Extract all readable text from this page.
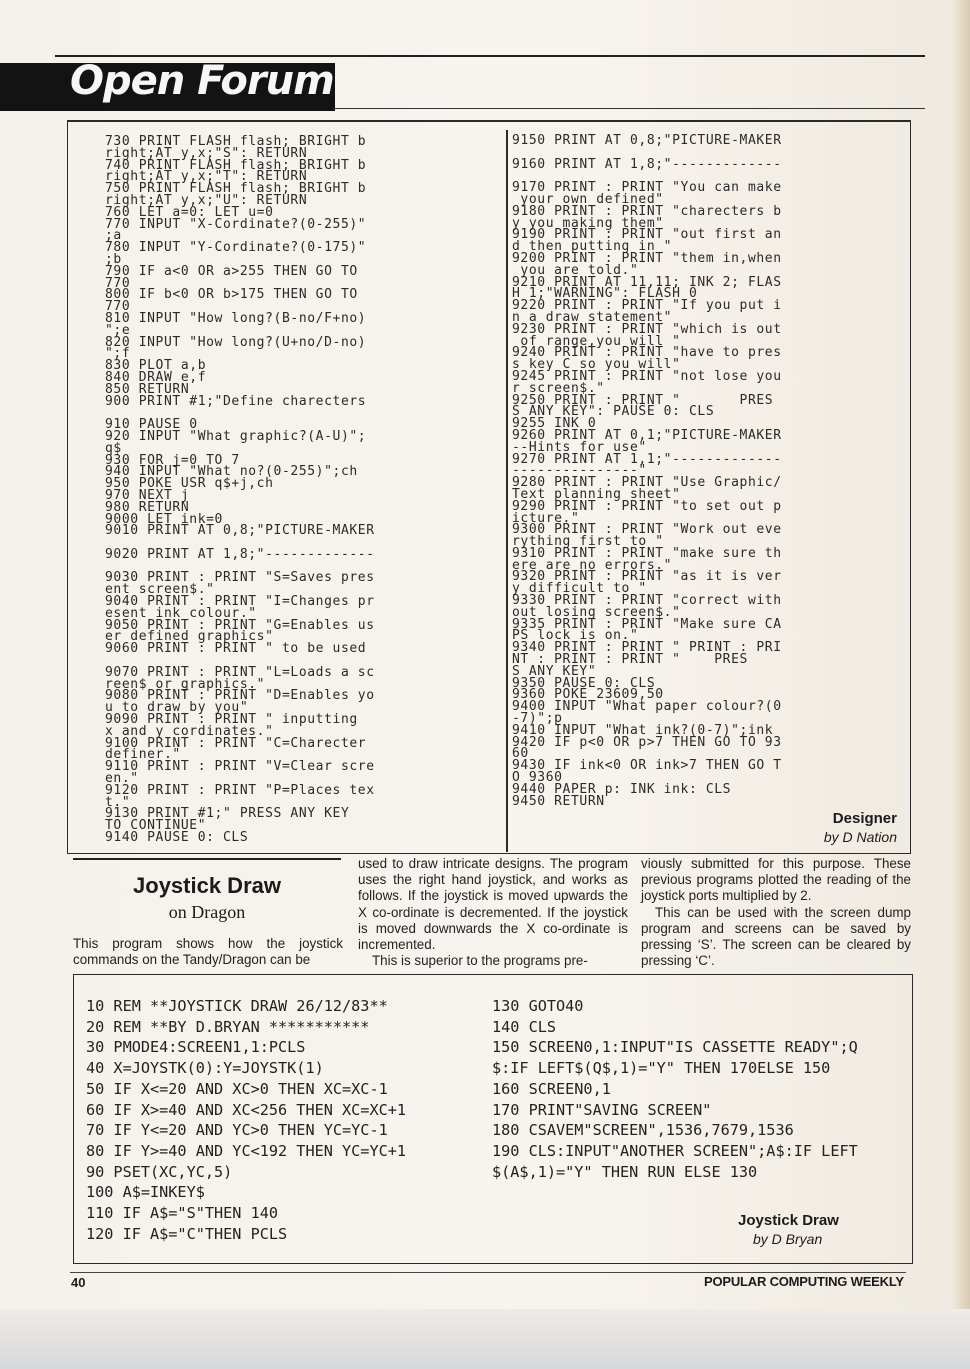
Open Forum
730 PRINT FLASH flash; BRIGHT b
right;AT y,x;"S": RETURN
740 PRINT FLASH flash; BRIGHT b
right;AT y,x;"T": RETURN
750 PRINT FLASH flash; BRIGHT b
right;AT y,x;"U": RETURN
760 LET a=0: LET u=0
770 INPUT "X-Cordinate?(0-255)"
;a
780 INPUT "Y-Cordinate?(0-175)"
;b
790 IF a<0 OR a>255 THEN GO TO
770
800 IF b<0 OR b>175 THEN GO TO
770
810 INPUT "How long?(B-no/F+no)
";e
820 INPUT "How long?(U+no/D-no)
";f
830 PLOT a,b
840 DRAW e,f
850 RETURN
900 PRINT #1;"Define charecters

910 PAUSE 0
920 INPUT "What graphic?(A-U)";
q$
930 FOR j=0 TO 7
940 INPUT "What no?(0-255)";ch
950 POKE USR q$+j,ch
970 NEXT j
980 RETURN
9000 LET ink=0
9010 PRINT AT 0,8;"PICTURE-MAKER

9020 PRINT AT 1,8;"-------------

9030 PRINT : PRINT "S=Saves pres
ent screen$."
9040 PRINT : PRINT "I=Changes pr
esent ink colour."
9050 PRINT : PRINT "G=Enables us
er defined graphics"
9060 PRINT : PRINT " to be used

9070 PRINT : PRINT "L=Loads a sc
reen$ or graphics."
9080 PRINT : PRINT "D=Enables yo
u to draw by you"
9090 PRINT : PRINT " inputting
x and y cordinates."
9100 PRINT : PRINT "C=Charecter
definer."
9110 PRINT : PRINT "V=Clear scre
en."
9120 PRINT : PRINT "P=Places tex
t."
9130 PRINT #1;" PRESS ANY KEY
TO CONTINUE"
9140 PAUSE 0: CLS
9150 PRINT AT 0,8;"PICTURE-MAKER

9160 PRINT AT 1,8;"-------------

9170 PRINT : PRINT "You can make
your own defined"
9180 PRINT : PRINT "charecters b
y you making them"
9190 PRINT : PRINT "out first an
d then putting in "
9200 PRINT : PRINT "them in,when
you are told."
9210 PRINT AT 11,11; INK 2; FLAS
H 1;"WARNING": FLASH 0
9220 PRINT : PRINT "If you put i
n a draw statement"
9230 PRINT : PRINT "which is out
of range,you will "
9240 PRINT : PRINT "have to pres
s key C so you will"
9245 PRINT : PRINT "not lose you
r screen$."
9250 PRINT : PRINT "       PRES
S ANY KEY": PAUSE 0: CLS
9255 INK 0
9260 PRINT AT 0,1;"PICTURE-MAKER
--Hints for use"
9270 PRINT AT 1,1;"-------------
---------------"
9280 PRINT : PRINT "Use Graphic/
Text planning sheet"
9290 PRINT : PRINT "to set out p
icture."
9300 PRINT : PRINT "Work out eve
rything first to "
9310 PRINT : PRINT "make sure th
ere are no errors."
9320 PRINT : PRINT "as it is ver
y difficult to "
9330 PRINT : PRINT "correct with
out losing screen$."
9335 PRINT : PRINT "Make sure CA
PS lock is on."
9340 PRINT : PRINT " PRINT : PRI
NT : PRINT : PRINT "    PRES
S ANY KEY"
9350 PAUSE 0: CLS
9360 POKE 23609,50
9400 INPUT "What paper colour?(0
-7)";p
9410 INPUT "What ink?(0-7)";ink
9420 IF p<0 OR p>7 THEN GO TO 93
60
9430 IF ink<0 OR ink>7 THEN GO T
O 9360
9440 PAPER p: INK ink: CLS
9450 RETURN
Designer
by D Nation
Joystick Draw
on Dragon
This program shows how the joystick commands on the Tandy/Dragon can be
used to draw intricate designs. The program uses the right hand joystick, and works as follows. If the joystick is moved upwards the X co-ordinate is decremented. If the joystick is moved downwards the X co-ordinate is incremented.
This is superior to the programs pre-
viously submitted for this purpose. These previous programs plotted the reading of the joystick ports multiplied by 2.
This can be used with the screen dump program and screens can be saved by pressing ‘S’. The screen can be cleared by pressing ‘C’.
10 REM **JOYSTICK DRAW 26/12/83**
20 REM **BY D.BRYAN ***********
30 PMODE4:SCREEN1,1:PCLS
40 X=JOYSTK(0):Y=JOYSTK(1)
50 IF X<=20 AND XC>0 THEN XC=XC-1
60 IF X>=40 AND XC<256 THEN XC=XC+1
70 IF Y<=20 AND YC>0 THEN YC=YC-1
80 IF Y>=40 AND YC<192 THEN YC=YC+1
90 PSET(XC,YC,5)
100 A$=INKEY$
110 IF A$="S"THEN 140
120 IF A$="C"THEN PCLS
130 GOTO40
140 CLS
150 SCREEN0,1:INPUT"IS CASSETTE READY";Q
$:IF LEFT$(Q$,1)="Y" THEN 170ELSE 150
160 SCREEN0,1
170 PRINT"SAVING SCREEN"
180 CSAVEM"SCREEN",1536,7679,1536
190 CLS:INPUT"ANOTHER SCREEN";A$:IF LEFT
$(A$,1)="Y" THEN RUN ELSE 130
Joystick Draw
by D Bryan
40	POPULAR COMPUTING WEEKLY
